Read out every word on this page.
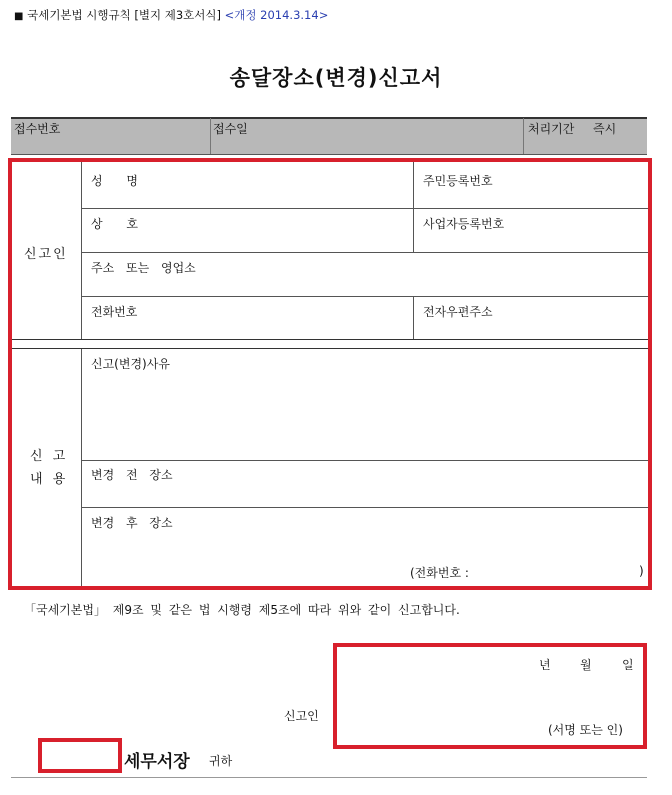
■ 국세기본법 시행규칙 [별지 제3호서식] <개정 2014.3.14>
송달장소(변경)신고서
접수번호	접수일	처리기간 즉시
신고인
성 명	주민등록번호
상 호	사업자등록번호
주소 또는 영업소
전화번호	전자우편주소
신 고
내 용
신고(변경)사유
변경 전 장소
변경 후 장소
(전화번호 :	)
「국세기본법」 제9조 및 같은 법 시행령 제5조에 따라 위와 같이 신고합니다.
년 월	일
(서명 또는 인)
신고인
세무서장 귀하
